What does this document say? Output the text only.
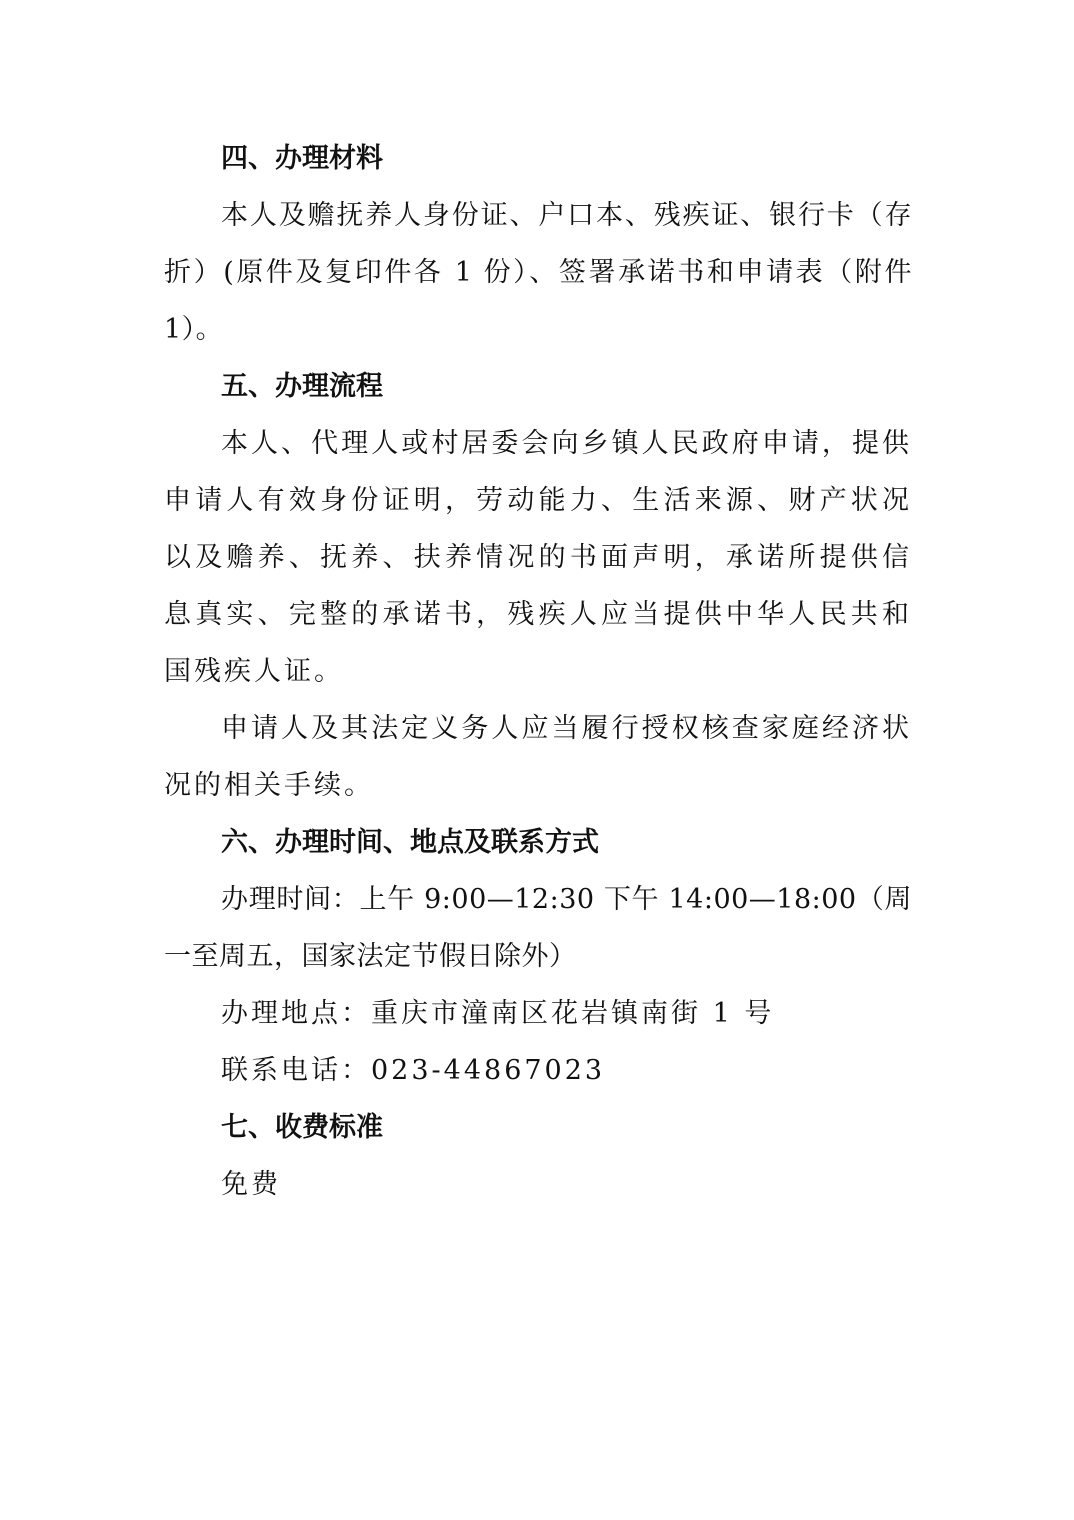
四、办理材料

本人及赡抚养人身份证、户口本、残疾证、银行卡（存折）(原件及复印件各 1 份）、签署承诺书和申请表（附件 1）。

五、办理流程

本人、代理人或村居委会向乡镇人民政府申请，提供申请人有效身份证明，劳动能力、生活来源、财产状况以及赡养、抚养、扶养情况的书面声明，承诺所提供信息真实、完整的承诺书，残疾人应当提供中华人民共和国残疾人证。

申请人及其法定义务人应当履行授权核查家庭经济状况的相关手续。

六、办理时间、地点及联系方式

办理时间：上午 9:00—12:30 下午 14:00—18:00（周一至周五，国家法定节假日除外）

办理地点：重庆市潼南区花岩镇南街 1 号

联系电话：023-44867023

七、收费标准

免费
